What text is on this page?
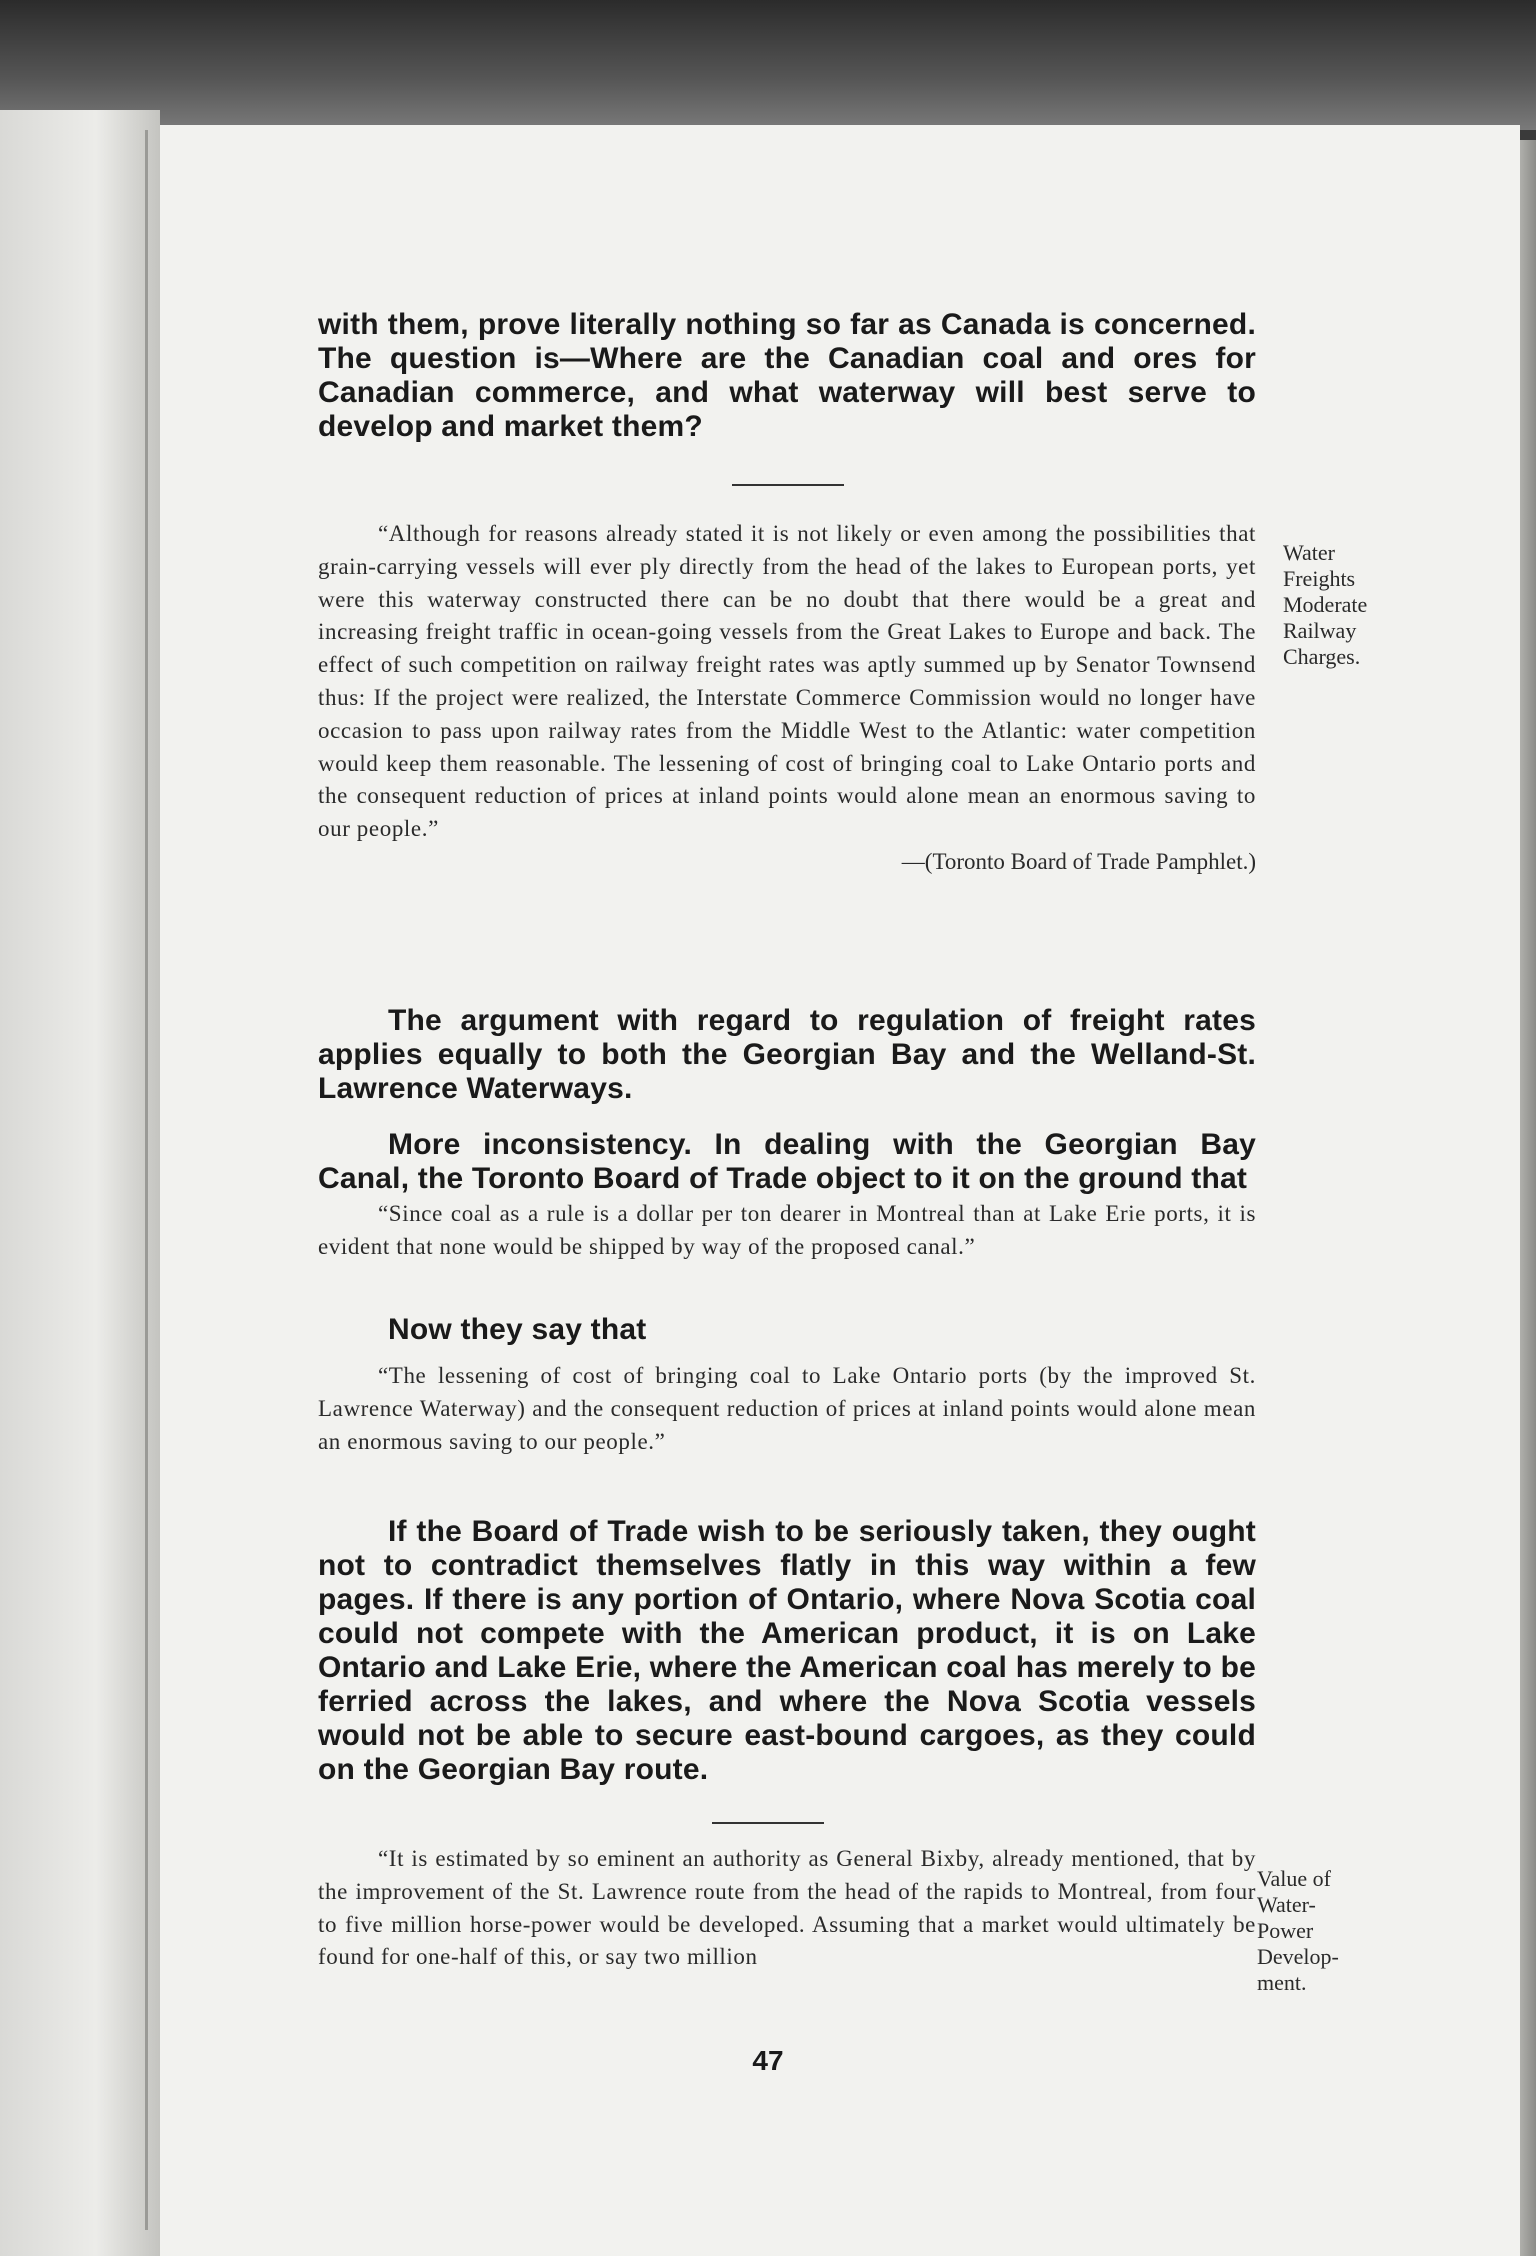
with them, prove literally nothing so far as Canada is concerned. The question is—Where are the Canadian coal and ores for Canadian commerce, and what waterway will best serve to develop and market them?

“Although for reasons already stated it is not likely or even among the possibilities that grain-carrying vessels will ever ply directly from the head of the lakes to European ports, yet were this waterway constructed there can be no doubt that there would be a great and increasing freight traffic in ocean-going vessels from the Great Lakes to Europe and back. The effect of such competition on railway freight rates was aptly summed up by Senator Townsend thus: If the project were realized, the Interstate Commerce Commission would no longer have occasion to pass upon railway rates from the Middle West to the Atlantic: water competition would keep them reasonable. The lessening of cost of bringing coal to Lake Ontario ports and the consequent reduction of prices at inland points would alone mean an enormous saving to our people.”

—(Toronto Board of Trade Pamphlet.)

Water
Freights
Moderate
Railway
Charges.

The argument with regard to regulation of freight rates applies equally to both the Georgian Bay and the Welland-St. Lawrence Waterways.

More inconsistency. In dealing with the Georgian Bay Canal, the Toronto Board of Trade object to it on the ground that

“Since coal as a rule is a dollar per ton dearer in Montreal than at Lake Erie ports, it is evident that none would be shipped by way of the proposed canal.”

Now they say that

“The lessening of cost of bringing coal to Lake Ontario ports (by the improved St. Lawrence Waterway) and the consequent reduction of prices at inland points would alone mean an enormous saving to our people.”

If the Board of Trade wish to be seriously taken, they ought not to contradict themselves flatly in this way within a few pages. If there is any portion of Ontario, where Nova Scotia coal could not compete with the American product, it is on Lake Ontario and Lake Erie, where the American coal has merely to be ferried across the lakes, and where the Nova Scotia vessels would not be able to secure east-bound cargoes, as they could on the Georgian Bay route.

“It is estimated by so eminent an authority as General Bixby, already mentioned, that by the improvement of the St. Lawrence route from the head of the rapids to Montreal, from four to five million horse-power would be developed. Assuming that a market would ultimately be found for one-half of this, or say two million

Value of
Water-
Power
Develop-
ment.
47
